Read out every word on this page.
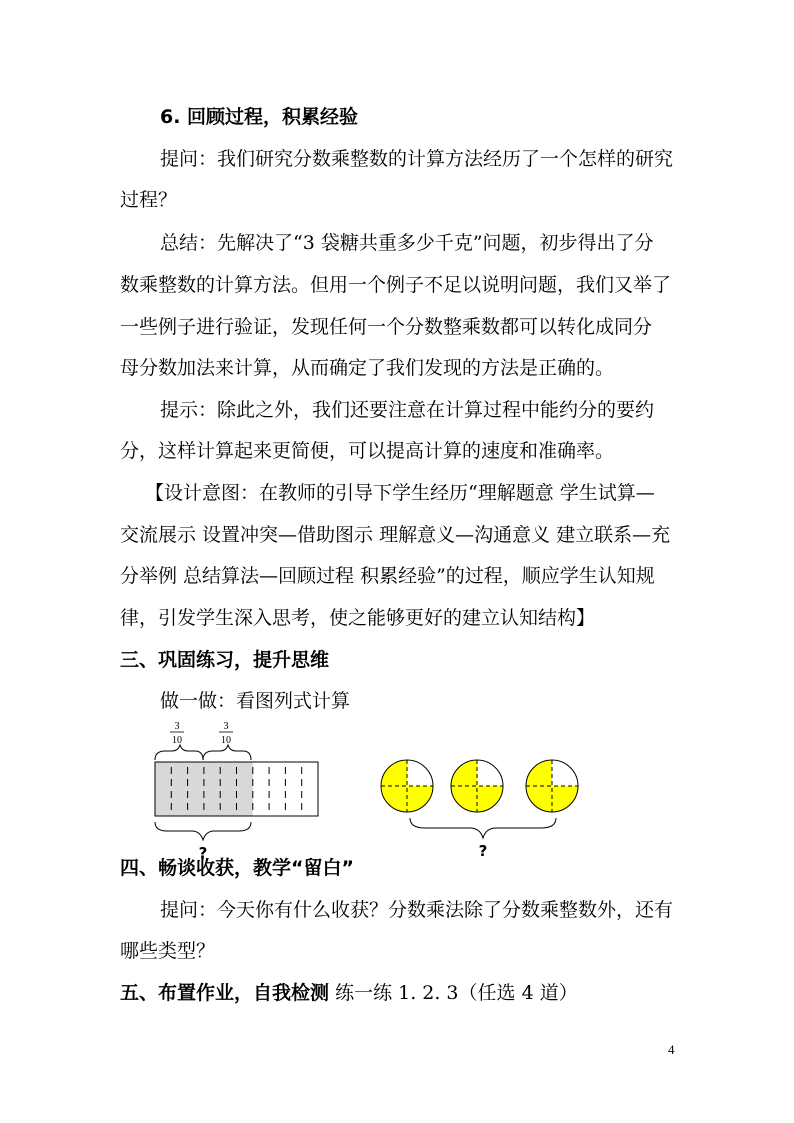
6. 回顾过程，积累经验
提问：我们研究分数乘整数的计算方法经历了一个怎样的研究
过程？
总结：先解决了“3 袋糖共重多少千克”问题，初步得出了分
数乘整数的计算方法。但用一个例子不足以说明问题，我们又举了
一些例子进行验证，发现任何一个分数整乘数都可以转化成同分
母分数加法来计算，从而确定了我们发现的方法是正确的。
提示：除此之外，我们还要注意在计算过程中能约分的要约
分，这样计算起来更简便，可以提高计算的速度和准确率。
【设计意图：在教师的引导下学生经历“理解题意 学生试算—
交流展示 设置冲突—借助图示 理解意义—沟通意义 建立联系—充
分举例 总结算法—回顾过程 积累经验”的过程，顺应学生认知规
律，引发学生深入思考，使之能够更好的建立认知结构】
三、巩固练习，提升思维
做一做：看图列式计算
3
10
3
10
?	?
四、畅谈收获，教学“留白”
提问：今天你有什么收获？分数乘法除了分数乘整数外，还有
哪些类型？
五、布置作业，自我检测 练一练 1. 2. 3（任选 4 道）
4
